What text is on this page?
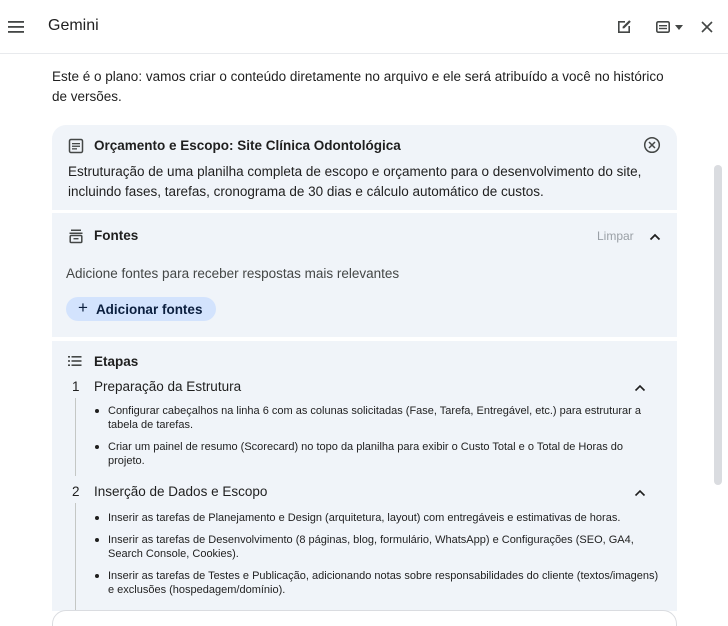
Gemini

Este é o plano: vamos criar o conteúdo diretamente no arquivo e ele será atribuído a você no histórico de versões.

Orçamento e Escopo: Site Clínica Odontológica
Estruturação de uma planilha completa de escopo e orçamento para o desenvolvimento do site, incluindo fases, tarefas, cronograma de 30 dias e cálculo automático de custos.
Fontes	Limpar
Adicione fontes para receber respostas mais relevantes
+ Adicionar fontes
Etapas
1 Preparação da Estrutura
Configurar cabeçalhos na linha 6 com as colunas solicitadas (Fase, Tarefa, Entregável, etc.) para estruturar a tabela de tarefas.
Criar um painel de resumo (Scorecard) no topo da planilha para exibir o Custo Total e o Total de Horas do projeto.
2 Inserção de Dados e Escopo
Inserir as tarefas de Planejamento e Design (arquitetura, layout) com entregáveis e estimativas de horas.
Inserir as tarefas de Desenvolvimento (8 páginas, blog, formulário, WhatsApp) e Configurações (SEO, GA4, Search Console, Cookies).
Inserir as tarefas de Testes e Publicação, adicionando notas sobre responsabilidades do cliente (textos/imagens) e exclusões (hospedagem/domínio).
